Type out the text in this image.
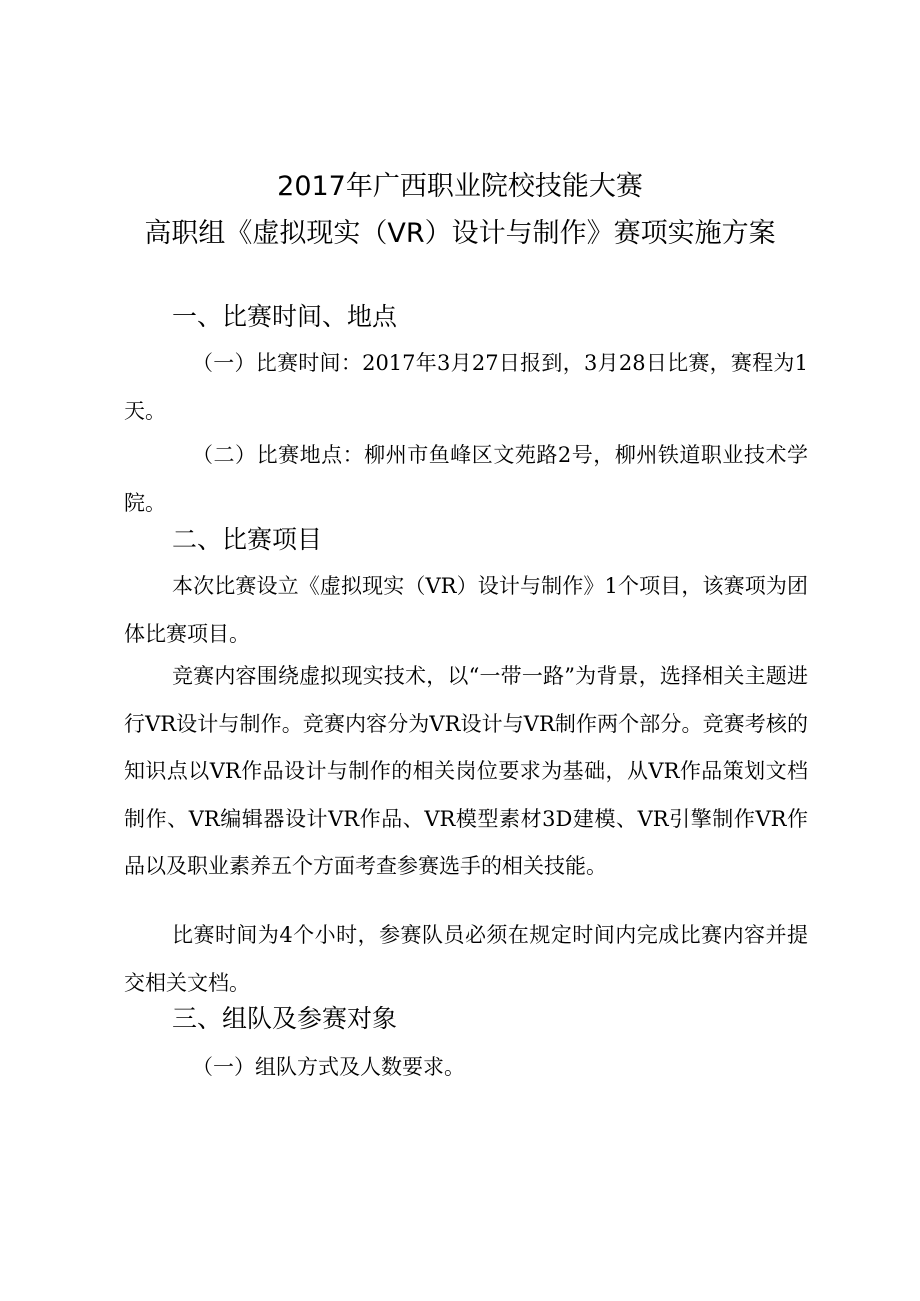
2017年广西职业院校技能大赛
高职组《虚拟现实（VR）设计与制作》赛项实施方案
一、比赛时间、地点

（一）比赛时间：2017年3月27日报到，3月28日比赛，赛程为1天。

（二）比赛地点：柳州市鱼峰区文苑路2号，柳州铁道职业技术学院。

二、比赛项目

本次比赛设立《虚拟现实（VR）设计与制作》1个项目，该赛项为团体比赛项目。

竞赛内容围绕虚拟现实技术，以“一带一路”为背景，选择相关主题进行VR设计与制作。竞赛内容分为VR设计与VR制作两个部分。竞赛考核的知识点以VR作品设计与制作的相关岗位要求为基础，从VR作品策划文档制作、VR编辑器设计VR作品、VR模型素材3D建模、VR引擎制作VR作品以及职业素养五个方面考查参赛选手的相关技能。

比赛时间为4个小时，参赛队员必须在规定时间内完成比赛内容并提交相关文档。

三、组队及参赛对象

（一）组队方式及人数要求。
